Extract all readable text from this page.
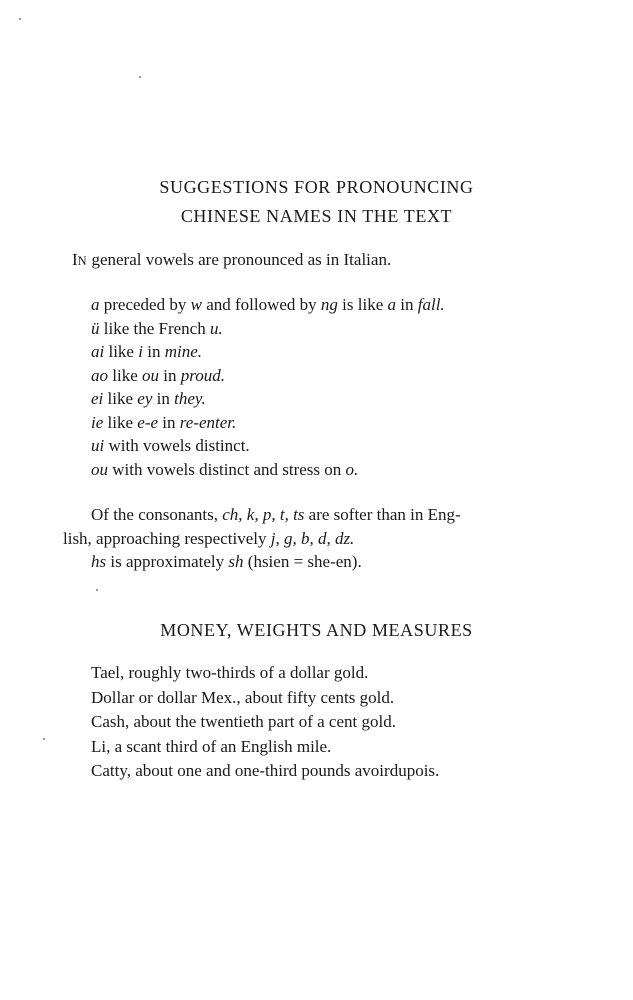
SUGGESTIONS FOR PRONOUNCING
CHINESE NAMES IN THE TEXT
IN general vowels are pronounced as in Italian.
a preceded by w and followed by ng is like a in fall.
ü like the French u.
ai like i in mine.
ao like ou in proud.
ei like ey in they.
ie like e-e in re-enter.
ui with vowels distinct.
ou with vowels distinct and stress on o.
Of the consonants, ch, k, p, t, ts are softer than in Eng-
lish, approaching respectively j, g, b, d, dz.
hs is approximately sh (hsien = she-en).
MONEY, WEIGHTS AND MEASURES
Tael, roughly two-thirds of a dollar gold.
Dollar or dollar Mex., about fifty cents gold.
Cash, about the twentieth part of a cent gold.
Li, a scant third of an English mile.
Catty, about one and one-third pounds avoirdupois.
